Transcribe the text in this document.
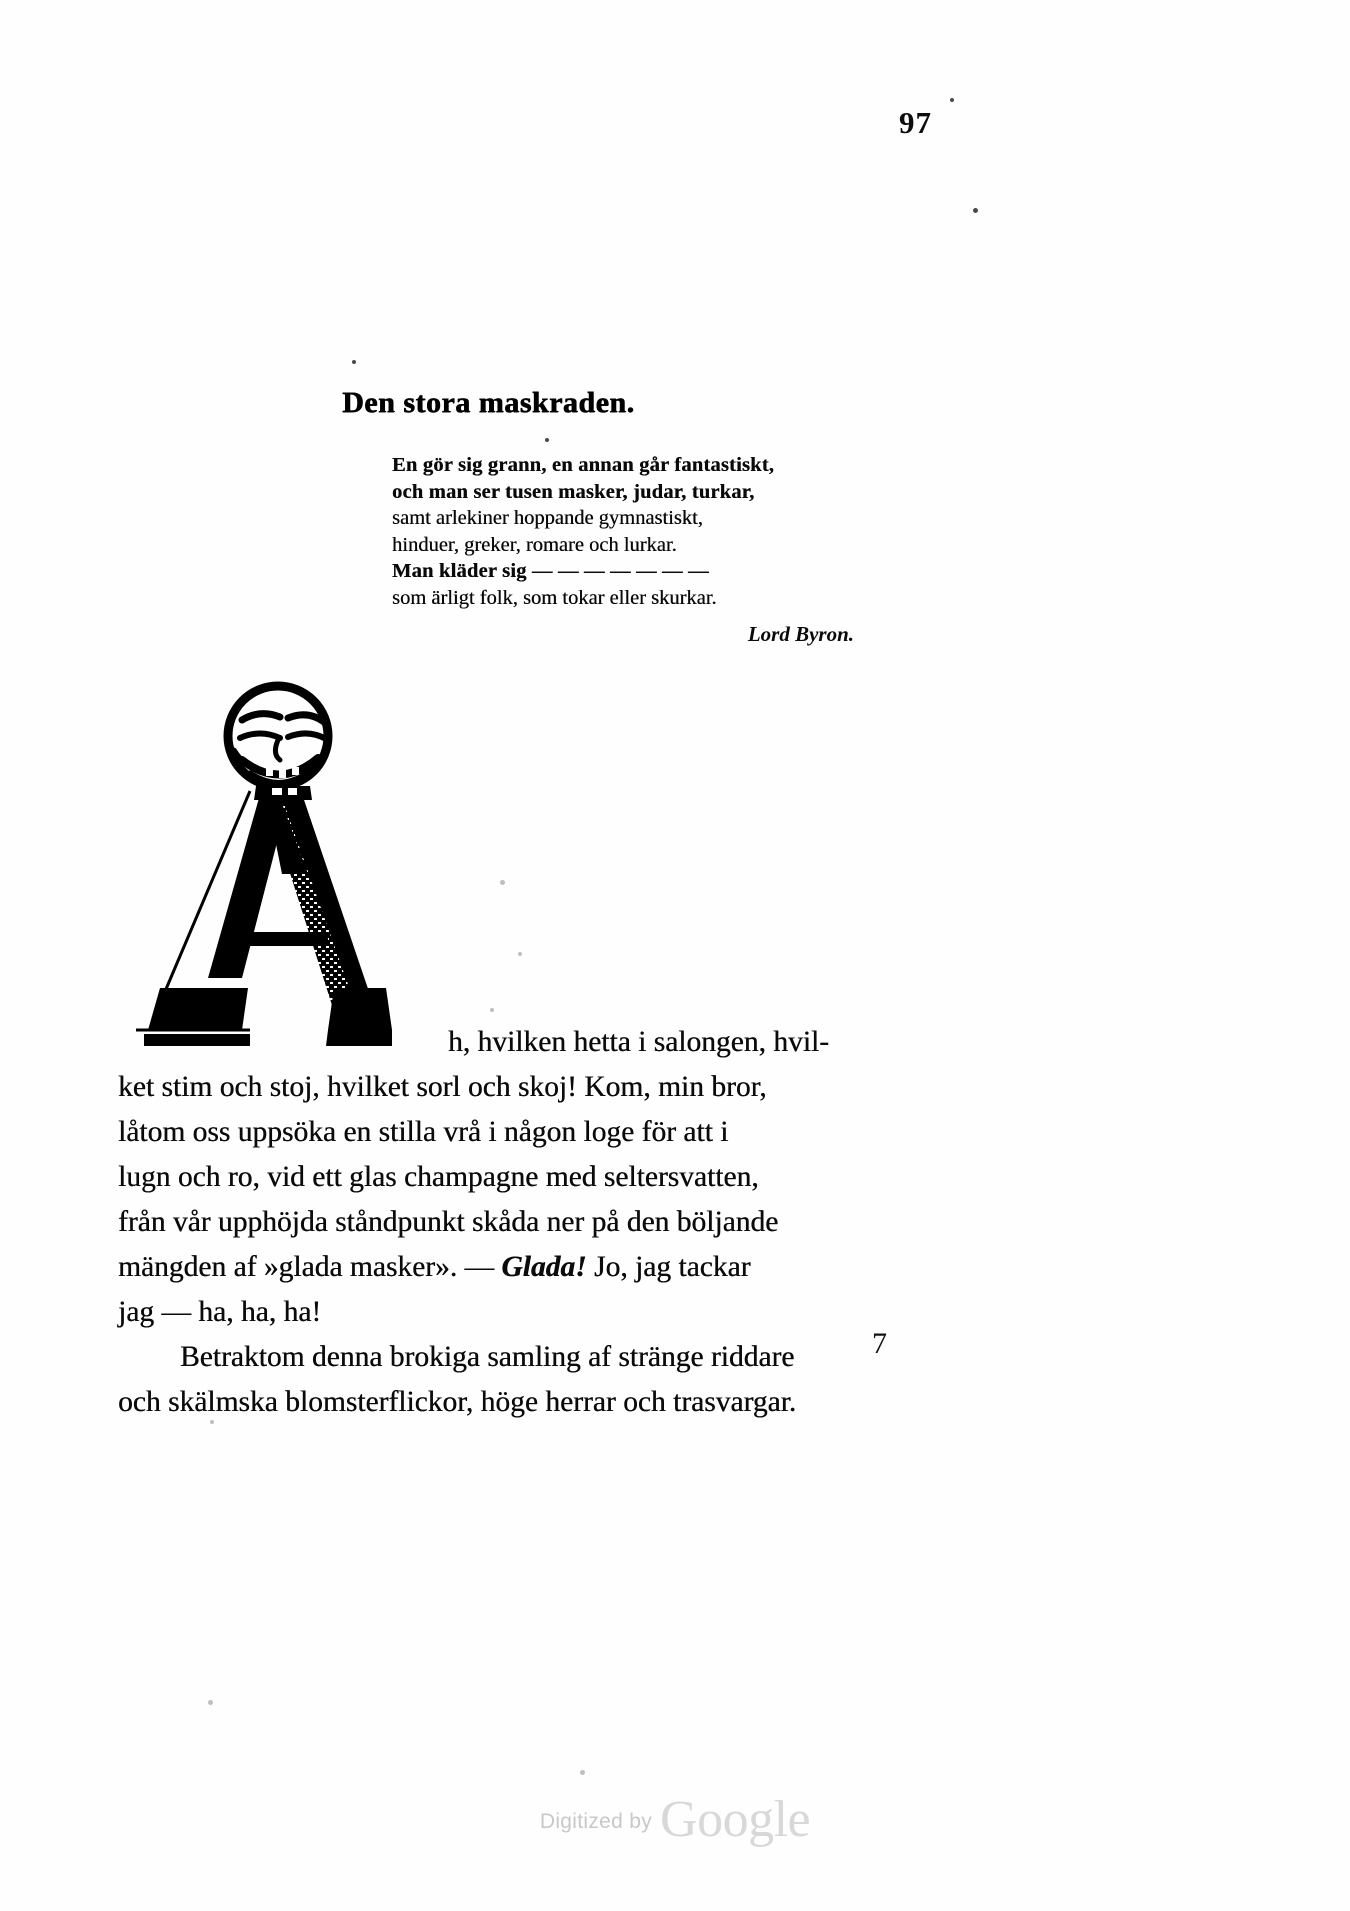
97
Den stora maskraden.
En gör sig grann, en annan går fantastiskt,
och man ser tusen masker, judar, turkar,
samt arlekiner hoppande gymnastiskt,
hinduer, greker, romare och lurkar.
Man kläder sig — — — — — — —
som ärligt folk, som tokar eller skurkar.
Lord Byron.
h, hvilken hetta i salongen, hvil-
ket stim och stoj, hvilket sorl och skoj! Kom, min bror,
låtom oss uppsöka en stilla vrå i någon loge för att i
lugn och ro, vid ett glas champagne med seltersvatten,
från vår upphöjda ståndpunkt skåda ner på den böljande
mängden af »glada masker». — Glada! Jo, jag tackar
jag — ha, ha, ha!
Betraktom denna brokiga samling af stränge riddare
och skälmska blomsterflickor, höge herrar och trasvargar.
7
Digitized by Google
